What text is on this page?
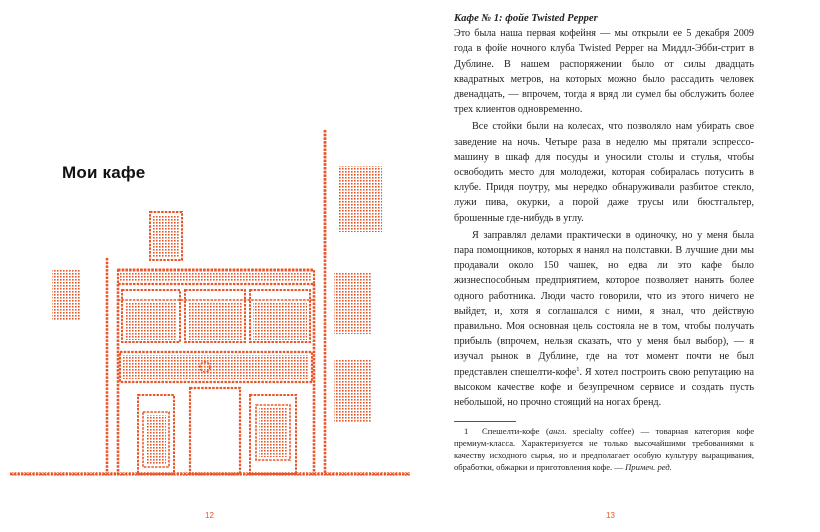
Мои кафе
12

Кафе № 1: фойе Twisted Pepper

Это была наша первая кофейня — мы открыли ее 5 декабря 2009 года в фойе ночного клуба Twisted Pepper на Миддл-Эбби-стрит в Дублине. В нашем распоряжении было от силы двадцать квадратных метров, на которых можно было рассадить человек двенадцать, — впрочем, тогда я вряд ли сумел бы обслужить более трех клиентов одновременно.

Все стойки были на колесах, что позволяло нам убирать свое заведение на ночь. Четыре раза в неделю мы прятали эспрессо-машину в шкаф для посуды и уносили столы и стулья, чтобы освободить место для молодежи, которая собиралась потусить в клубе. Придя поутру, мы нередко обнаруживали разбитое стекло, лужи пива, окурки, а порой даже трусы или бюстгальтер, брошенные где-нибудь в углу.

Я заправлял делами практически в одиночку, но у меня была пара помощников, которых я нанял на полставки. В лучшие дни мы продавали около 150 чашек, но едва ли это кафе было жизнеспособным предприятием, которое позволяет нанять более одного работника. Люди часто говорили, что из этого ничего не выйдет, и, хотя я соглашался с ними, я знал, что действую правильно. Моя основная цель состояла не в том, чтобы получать прибыль (впрочем, нельзя сказать, что у меня был выбор), — я изучал рынок в Дублине, где на тот момент почти не был представлен спешелти-кофе$^1$. Я хотел построить свою репутацию на высоком качестве кофе и безупречном сервисе и создать пусть небольшой, но прочно стоящий на ногах бренд.

1 Спешелти-кофе (англ. specialty coffee) — товарная категория кофе премиум-класса. Характеризуется не только высочайшими требованиями к качеству исходного сырья, но и предполагает особую культуру выращивания, обработки, обжарки и приготовления кофе. — Примеч. ред.

13
